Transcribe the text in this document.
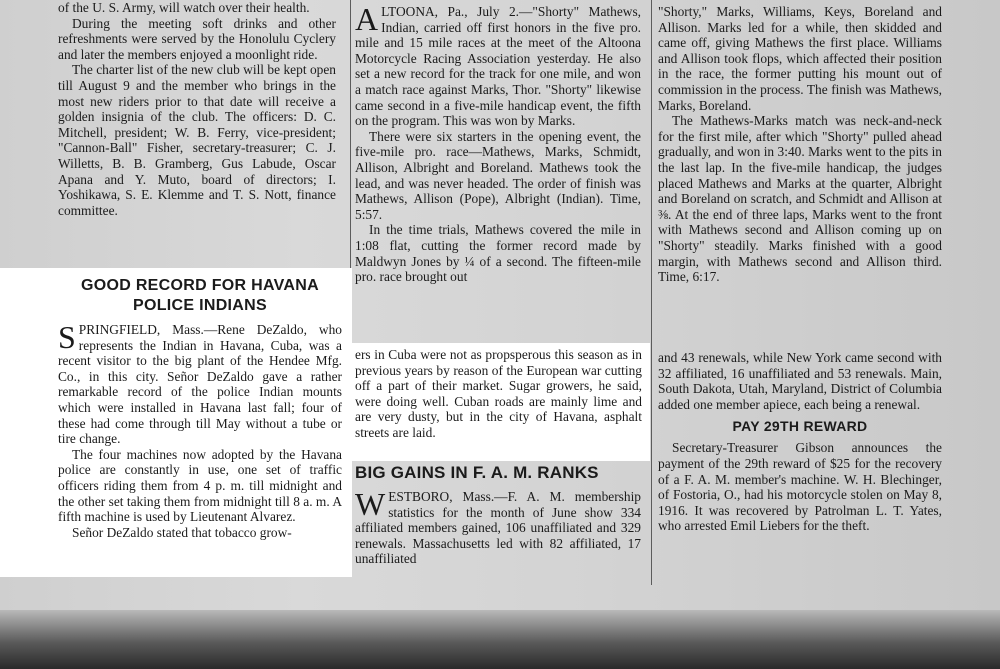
of the U. S. Army, will watch over their health.

During the meeting soft drinks and other refreshments were served by the Honolulu Cyclery and later the members enjoyed a moonlight ride.

The charter list of the new club will be kept open till August 9 and the member who brings in the most new riders prior to that date will receive a golden insignia of the club. The officers: D. C. Mitchell, president; W. B. Ferry, vice-president; "Cannon-Ball" Fisher, secretary-treasurer; C. J. Willetts, B. B. Gramberg, Gus Labude, Oscar Apana and Y. Muto, board of directors; I. Yoshikawa, S. E. Klemme and T. S. Nott, finance committee.

GOOD RECORD FOR HAVANA POLICE INDIANS

SPRINGFIELD, Mass.—Rene DeZaldo, who represents the Indian in Havana, Cuba, was a recent visitor to the big plant of the Hendee Mfg. Co., in this city. Señor DeZaldo gave a rather remarkable record of the police Indian mounts which were installed in Havana last fall; four of these had come through till May without a tube or tire change.

The four machines now adopted by the Havana police are constantly in use, one set of traffic officers riding them from 4 p. m. till midnight and the other set taking them from midnight till 8 a. m. A fifth machine is used by Lieutenant Alvarez.

Señor DeZaldo stated that tobacco grow-

ALTOONA, Pa., July 2.—"Shorty" Mathews, Indian, carried off first honors in the five pro. mile and 15 mile races at the meet of the Altoona Motorcycle Racing Association yesterday. He also set a new record for the track for one mile, and won a match race against Marks, Thor. "Shorty" likewise came second in a five-mile handicap event, the fifth on the program. This was won by Marks.

There were six starters in the opening event, the five-mile pro. race—Mathews, Marks, Schmidt, Allison, Albright and Boreland. Mathews took the lead, and was never headed. The order of finish was Mathews, Allison (Pope), Albright (Indian). Time, 5:57.

In the time trials, Mathews covered the mile in 1:08 flat, cutting the former record made by Maldwyn Jones by ¼ of a second. The fifteen-mile pro. race brought out

ers in Cuba were not as propsperous this season as in previous years by reason of the European war cutting off a part of their market. Sugar growers, he said, were doing well. Cuban roads are mainly lime and are very dusty, but in the city of Havana, asphalt streets are laid.

BIG GAINS IN F. A. M. RANKS

WESTBORO, Mass.—F. A. M. membership statistics for the month of June show 334 affiliated members gained, 106 unaffiliated and 329 renewals. Massachusetts led with 82 affiliated, 17 unaffiliated

"Shorty," Marks, Williams, Keys, Boreland and Allison. Marks led for a while, then skidded and came off, giving Mathews the first place. Williams and Allison took flops, which affected their position in the race, the former putting his mount out of commission in the process. The finish was Mathews, Marks, Boreland.

The Mathews-Marks match was neck-and-neck for the first mile, after which "Shorty" pulled ahead gradually, and won in 3:40. Marks went to the pits in the last lap. In the five-mile handicap, the judges placed Mathews and Marks at the quarter, Albright and Boreland on scratch, and Schmidt and Allison at ⅜. At the end of three laps, Marks went to the front with Mathews second and Allison coming up on "Shorty" steadily. Marks finished with a good margin, with Mathews second and Allison third. Time, 6:17.

and 43 renewals, while New York came second with 32 affiliated, 16 unaffiliated and 53 renewals. Main, South Dakota, Utah, Maryland, District of Columbia added one member apiece, each being a renewal.

PAY 29TH REWARD

Secretary-Treasurer Gibson announces the payment of the 29th reward of $25 for the recovery of a F. A. M. member's machine. W. H. Blechinger, of Fostoria, O., had his motorcycle stolen on May 8, 1916. It was recovered by Patrolman L. T. Yates, who arrested Emil Liebers for the theft.
